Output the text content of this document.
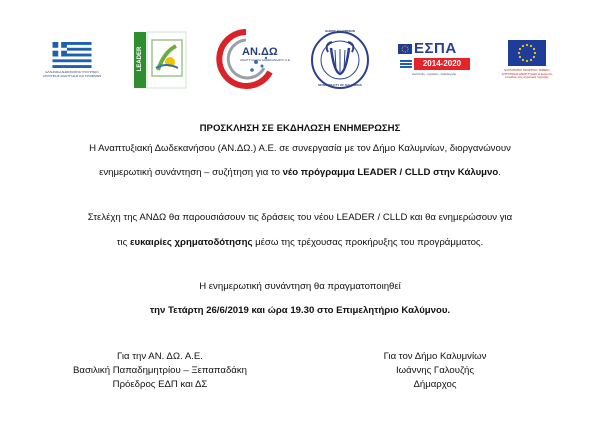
ΕΛΛΗΝΙΚΗ ΔΗΜΟΚΡΑΤΙΑ ΥΠΟΥΡΓΕΙΟ ΑΓΡΟΤΙΚΗΣ ΑΝΑΠΤΥΞΗΣ ΚΑΙ ΤΡΟΦΙΜΩΝ
LEADER	ΑΝ.ΔΩ
ΑΝΑΠΤΥΞΙΑΚΗ ΔΩΔΕΚΑΝΗΣΟΥ Α.Ε.
ΔΗΜΟΣ ΚΑΛΥΜΝΙΩΝ
MUNICIPALITY OF KALYMNOS
ΕΣΠΑ
2014-2020
ανάπτυξη - εργασία - αλληλεγγύη
ΕΥΡΩΠΑΪΚΟ ΓΕΩΡΓΙΚΟ ΤΑΜΕΙΟ ΑΓΡΟΤΙΚΗΣ ΑΝΑΠΤΥΞΗΣ Η Ευρώπη επενδύει στις αγροτικές περιοχές
ΠΡΟΣΚΛΗΣΗ ΣΕ ΕΚΔΗΛΩΣΗ ΕΝΗΜΕΡΩΣΗΣ
Η Αναπτυξιακή Δωδεκανήσου (ΑΝ.ΔΩ.) Α.Ε. σε συνεργασία με τον Δήμο Καλυμνίων, διοργανώνουν
ενημερωτική συνάντηση – συζήτηση για το νέο πρόγραμμα LEADER / CLLD στην Κάλυμνο.
Στελέχη της ΑΝΔΩ θα παρουσιάσουν τις δράσεις του νέου LEADER / CLLD και θα ενημερώσουν για
τις ευκαιρίες χρηματοδότησης μέσω της τρέχουσας προκήρυξης του προγράμματος.
Η ενημερωτική συνάντηση θα πραγματοποιηθεί
την Τετάρτη 26/6/2019 και ώρα 19.30 στο Επιμελητήριο Καλύμνου.
Για την ΑΝ. ΔΩ. Α.Ε.
Βασιλική Παπαδημητρίου – Ξεπαπαδάκη
Πρόεδρος ΕΔΠ και ΔΣ
Για τον Δήμο Καλυμνίων
Ιωάννης Γαλουζής
Δήμαρχος
